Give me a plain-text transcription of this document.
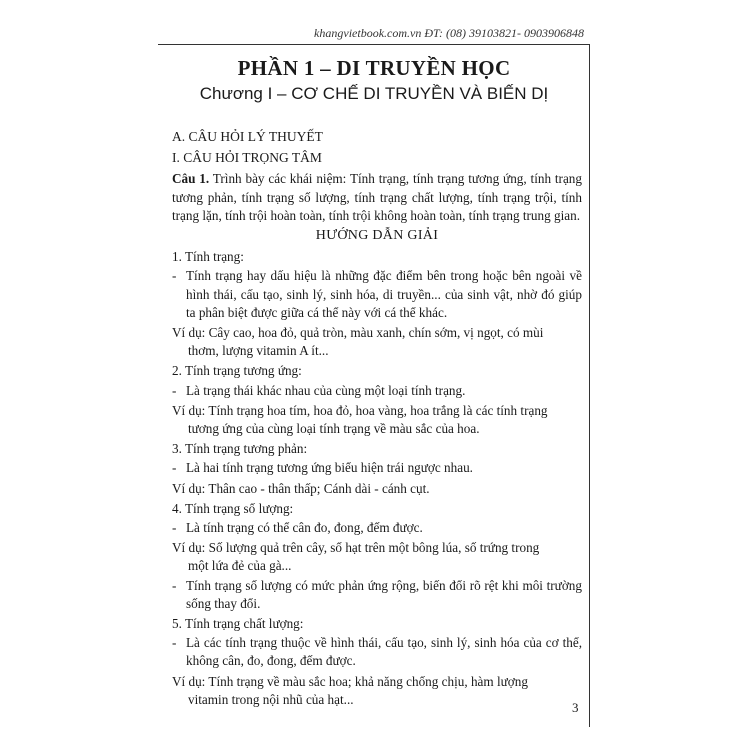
khangvietbook.com.vn ĐT: (08) 39103821- 0903906848
PHẦN 1 – DI TRUYỀN HỌC
Chương I – CƠ CHẾ DI TRUYỀN VÀ BIẾN DỊ

A. CÂU HỎI LÝ THUYẾT

I. CÂU HỎI TRỌNG TÂM

Câu 1. Trình bày các khái niệm: Tính trạng, tính trạng tương ứng, tính trạng tương phản, tính trạng số lượng, tính trạng chất lượng, tính trạng trội, tính trạng lặn, tính trội hoàn toàn, tính trội không hoàn toàn, tính trạng trung gian.

HƯỚNG DẪN GIẢI

1. Tính trạng:

- Tính trạng hay dấu hiệu là những đặc điểm bên trong hoặc bên ngoài về hình thái, cấu tạo, sinh lý, sinh hóa, di truyền... của sinh vật, nhờ đó giúp ta phân biệt được giữa cá thể này với cá thể khác.

Ví dụ: Cây cao, hoa đỏ, quả tròn, màu xanh, chín sớm, vị ngọt, có mùi
thơm, lượng vitamin A ít...

2. Tính trạng tương ứng:

- Là trạng thái khác nhau của cùng một loại tính trạng.

Ví dụ: Tính trạng hoa tím, hoa đỏ, hoa vàng, hoa trắng là các tính trạng
tương ứng của cùng loại tính trạng về màu sắc của hoa.

3. Tính trạng tương phản:

- Là hai tính trạng tương ứng biểu hiện trái ngược nhau.

Ví dụ: Thân cao - thân thấp; Cánh dài - cánh cụt.

4. Tính trạng số lượng:

- Là tính trạng có thể cân đo, đong, đếm được.

Ví dụ: Số lượng quả trên cây, số hạt trên một bông lúa, số trứng trong
một lứa đẻ của gà...

- Tính trạng số lượng có mức phản ứng rộng, biến đổi rõ rệt khi môi trường sống thay đổi.

5. Tính trạng chất lượng:

- Là các tính trạng thuộc về hình thái, cấu tạo, sinh lý, sinh hóa của cơ thể, không cân, đo, đong, đếm được.

Ví dụ: Tính trạng về màu sắc hoa; khả năng chống chịu, hàm lượng
vitamin trong nội nhũ của hạt...

3
